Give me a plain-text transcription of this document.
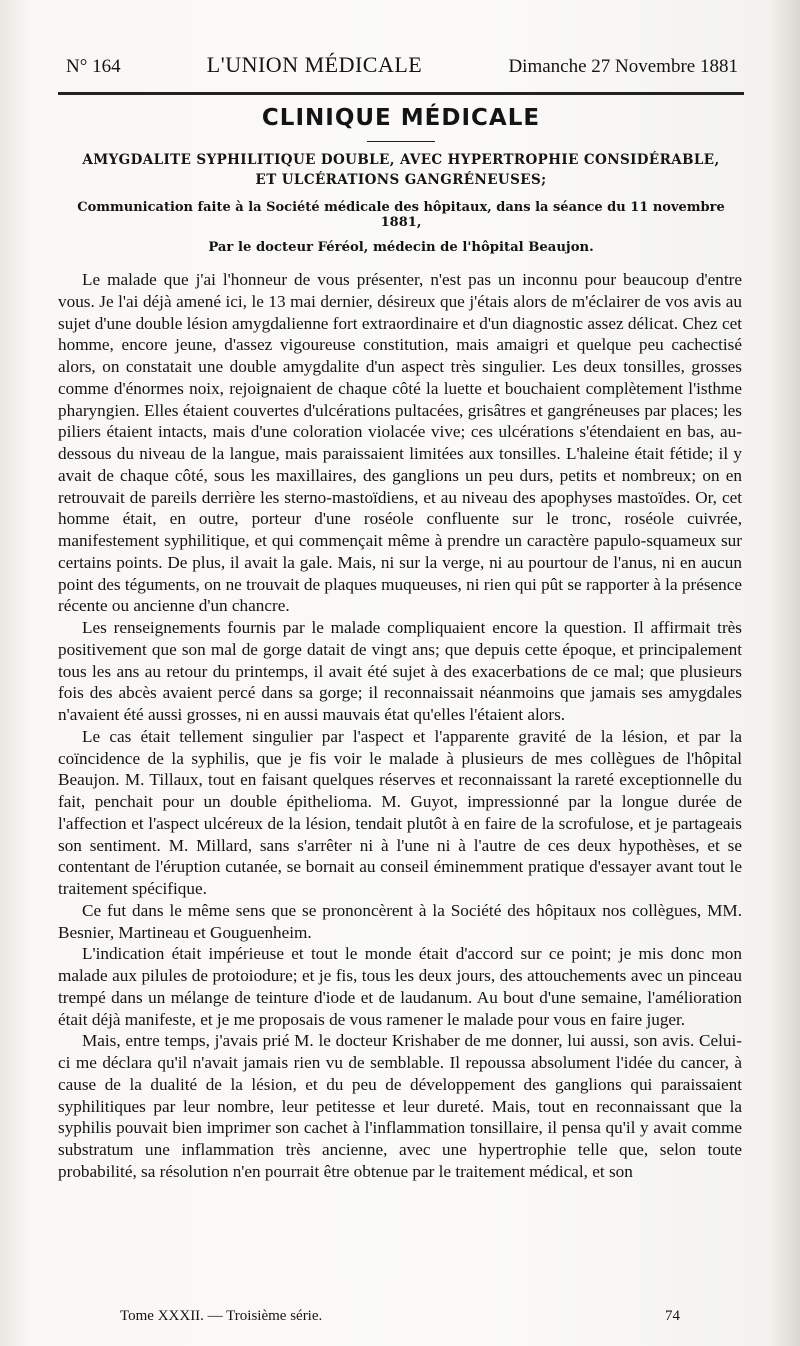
N° 164	L'UNION MÉDICALE	Dimanche 27 Novembre 1881
CLINIQUE MÉDICALE
AMYGDALITE SYPHILITIQUE DOUBLE, AVEC HYPERTROPHIE CONSIDÉRABLE,
ET ULCÉRATIONS GANGRÉNEUSES;
Communication faite à la Société médicale des hôpitaux, dans la séance du 11 novembre 1881,
Par le docteur Féréol, médecin de l'hôpital Beaujon.

Le malade que j'ai l'honneur de vous présenter, n'est pas un inconnu pour beaucoup d'entre vous. Je l'ai déjà amené ici, le 13 mai dernier, désireux que j'étais alors de m'éclairer de vos avis au sujet d'une double lésion amygdalienne fort extraordinaire et d'un diagnostic assez délicat. Chez cet homme, encore jeune, d'assez vigoureuse constitution, mais amaigri et quelque peu cachectisé alors, on constatait une double amygdalite d'un aspect très singulier. Les deux tonsilles, grosses comme d'énormes noix, rejoignaient de chaque côté la luette et bouchaient complètement l'isthme pharyngien. Elles étaient couvertes d'ulcérations pultacées, grisâtres et gangréneuses par places; les piliers étaient intacts, mais d'une coloration violacée vive; ces ulcérations s'étendaient en bas, au-dessous du niveau de la langue, mais paraissaient limitées aux tonsilles. L'haleine était fétide; il y avait de chaque côté, sous les maxillaires, des ganglions un peu durs, petits et nombreux; on en retrouvait de pareils derrière les sterno-mastoïdiens, et au niveau des apophyses mastoïdes. Or, cet homme était, en outre, porteur d'une roséole confluente sur le tronc, roséole cuivrée, manifestement syphilitique, et qui commençait même à prendre un caractère papulo-squameux sur certains points. De plus, il avait la gale. Mais, ni sur la verge, ni au pourtour de l'anus, ni en aucun point des téguments, on ne trouvait de plaques muqueuses, ni rien qui pût se rapporter à la présence récente ou ancienne d'un chancre.

Les renseignements fournis par le malade compliquaient encore la question. Il affirmait très positivement que son mal de gorge datait de vingt ans; que depuis cette époque, et principalement tous les ans au retour du printemps, il avait été sujet à des exacerbations de ce mal; que plusieurs fois des abcès avaient percé dans sa gorge; il reconnaissait néanmoins que jamais ses amygdales n'avaient été aussi grosses, ni en aussi mauvais état qu'elles l'étaient alors.

Le cas était tellement singulier par l'aspect et l'apparente gravité de la lésion, et par la coïncidence de la syphilis, que je fis voir le malade à plusieurs de mes collègues de l'hôpital Beaujon. M. Tillaux, tout en faisant quelques réserves et reconnaissant la rareté exceptionnelle du fait, penchait pour un double épithelioma. M. Guyot, impressionné par la longue durée de l'affection et l'aspect ulcéreux de la lésion, tendait plutôt à en faire de la scrofulose, et je partageais son sentiment. M. Millard, sans s'arrêter ni à l'une ni à l'autre de ces deux hypothèses, et se contentant de l'éruption cutanée, se bornait au conseil éminemment pratique d'essayer avant tout le traitement spécifique.

Ce fut dans le même sens que se prononcèrent à la Société des hôpitaux nos collègues, MM. Besnier, Martineau et Gouguenheim.

L'indication était impérieuse et tout le monde était d'accord sur ce point; je mis donc mon malade aux pilules de protoiodure; et je fis, tous les deux jours, des attouchements avec un pinceau trempé dans un mélange de teinture d'iode et de laudanum. Au bout d'une semaine, l'amélioration était déjà manifeste, et je me proposais de vous ramener le malade pour vous en faire juger.

Mais, entre temps, j'avais prié M. le docteur Krishaber de me donner, lui aussi, son avis. Celui-ci me déclara qu'il n'avait jamais rien vu de semblable. Il repoussa absolument l'idée du cancer, à cause de la dualité de la lésion, et du peu de développement des ganglions qui paraissaient syphilitiques par leur nombre, leur petitesse et leur dureté. Mais, tout en reconnaissant que la syphilis pouvait bien imprimer son cachet à l'inflammation tonsillaire, il pensa qu'il y avait comme substratum une inflammation très ancienne, avec une hypertrophie telle que, selon toute probabilité, sa résolution n'en pourrait être obtenue par le traitement médical, et son

Tome XXXII. — Troisième série.	74
